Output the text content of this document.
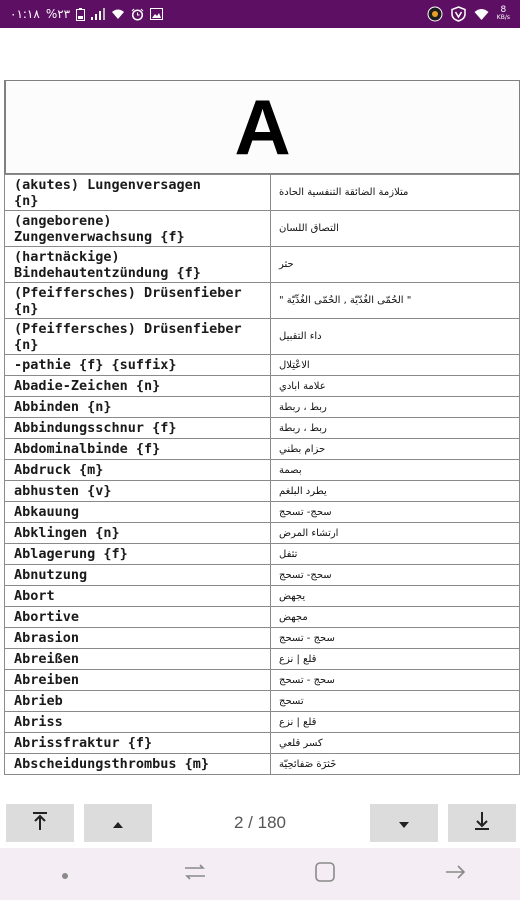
٠١:١٨ %٢٣	8
KB/s
A
(akutes) Lungenversagen
{n}	متلازمة الضائقة التنفسية الحادة
(angeborene)
Zungenverwachsung {f}	التصاق اللسان
(hartnäckige)
Bindehautentzündung {f}	حثر
(Pfeiffersches) Drüsenfieber
{n}	" الحُمّى الغُدّيّة , الحُمّى الغُدِّيّة "
(Pfeiffersches) Drüsenfieber
{n}	داء التقبيل
-pathie {f} {suffix}	الاعْتِلال
Abadie-Zeichen {n}	علامة ابادي
Abbinden {n}	ربط ، ربطة
Abbindungsschnur {f}	ربط ، ربطة
Abdominalbinde {f}	حزام بطني
Abdruck {m}	بصمة
abhusten {v}	يطرد البلغم
Abkauung	سحج- تسحج
Abklingen {n}	ارتشاء المرض
Ablagerung {f}	تثفل
Abnutzung	سحج- تسحج
Abort	يجهض
Abortive	مجهض
Abrasion	سحج - تسحج
Abreißen	قلع | نزع
Abreiben	سحج - تسحج
Abrieb	تسحج
Abriss	قلع | نزع
Abrissfraktur {f}	كسر قلعي
Abscheidungsthrombus {m}	خَثرَة صَفائحِيّة
2 / 180
